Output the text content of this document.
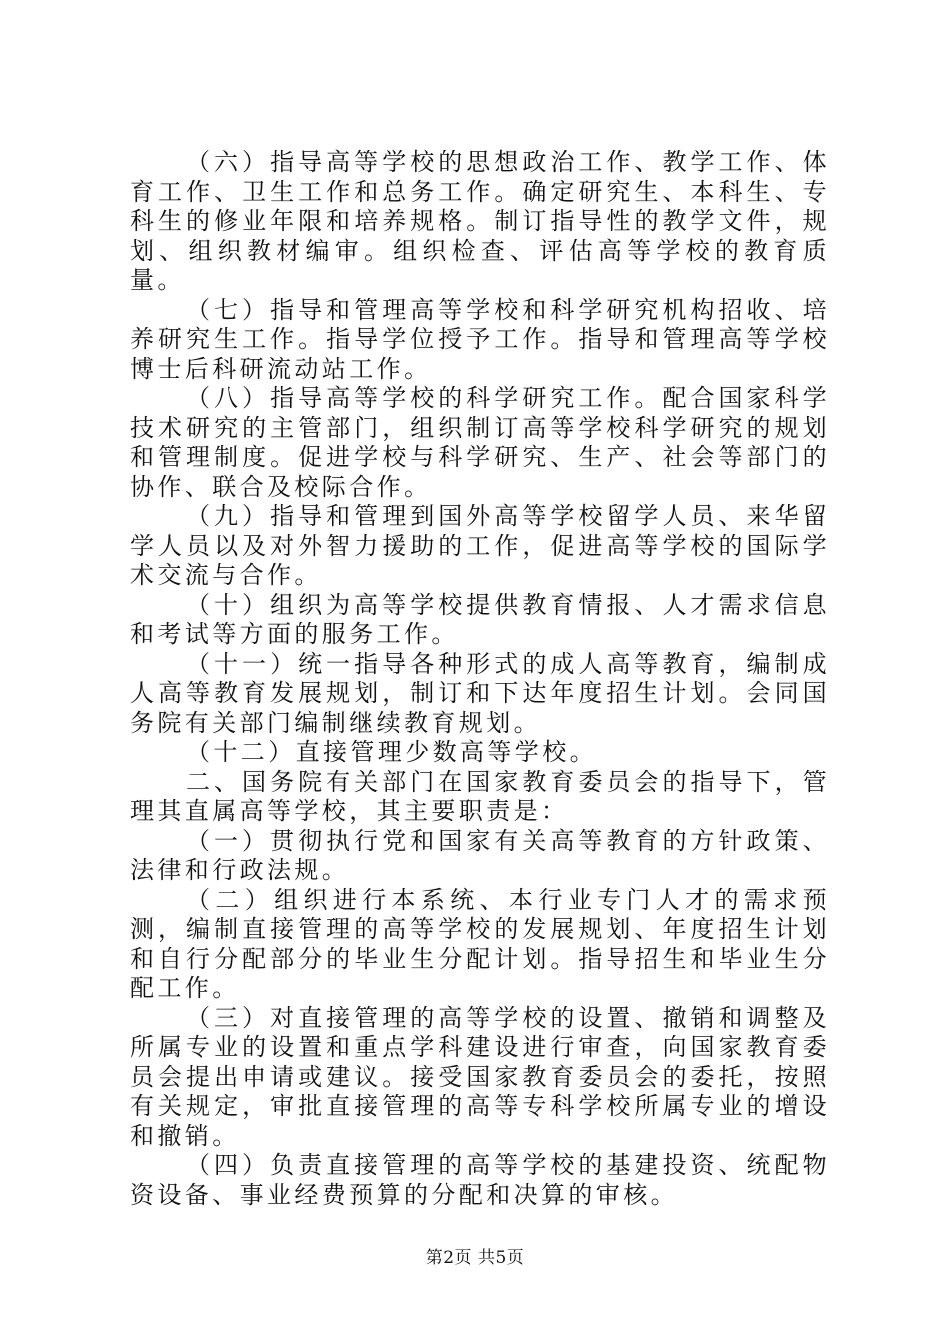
（六）指导高等学校的思想政治工作、教学工作、体育工作、卫生工作和总务工作。确定研究生、本科生、专科生的修业年限和培养规格。制订指导性的教学文件，规划、组织教材编审。组织检查、评估高等学校的教育质量。

（七）指导和管理高等学校和科学研究机构招收、培养研究生工作。指导学位授予工作。指导和管理高等学校博士后科研流动站工作。

（八）指导高等学校的科学研究工作。配合国家科学技术研究的主管部门，组织制订高等学校科学研究的规划和管理制度。促进学校与科学研究、生产、社会等部门的协作、联合及校际合作。

（九）指导和管理到国外高等学校留学人员、来华留学人员以及对外智力援助的工作，促进高等学校的国际学术交流与合作。

（十）组织为高等学校提供教育情报、人才需求信息和考试等方面的服务工作。

（十一）统一指导各种形式的成人高等教育，编制成人高等教育发展规划，制订和下达年度招生计划。会同国务院有关部门编制继续教育规划。

（十二）直接管理少数高等学校。

二、国务院有关部门在国家教育委员会的指导下，管理其直属高等学校，其主要职责是：

（一）贯彻执行党和国家有关高等教育的方针政策、法律和行政法规。

（二）组织进行本系统、本行业专门人才的需求预测，编制直接管理的高等学校的发展规划、年度招生计划和自行分配部分的毕业生分配计划。指导招生和毕业生分配工作。

（三）对直接管理的高等学校的设置、撤销和调整及所属专业的设置和重点学科建设进行审查，向国家教育委员会提出申请或建议。接受国家教育委员会的委托，按照有关规定，审批直接管理的高等专科学校所属专业的增设和撤销。

（四）负责直接管理的高等学校的基建投资、统配物资设备、事业经费预算的分配和决算的审核。

第2页 共5页
